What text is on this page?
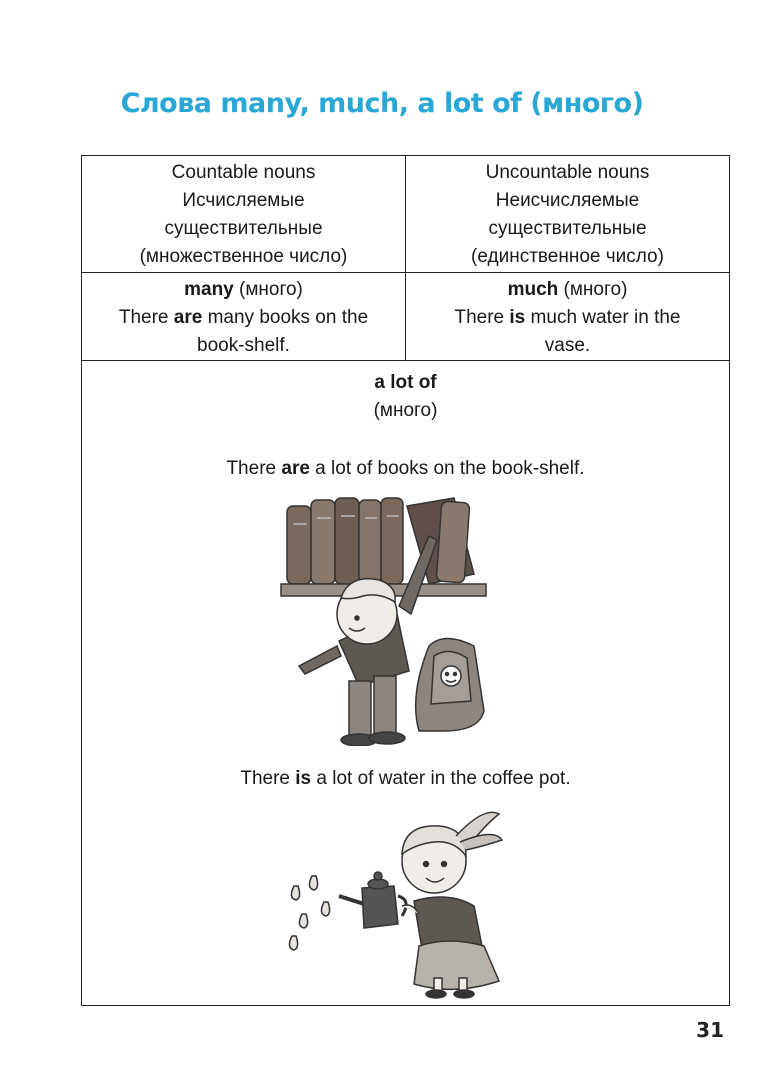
Слова many, much, a lot of (много)
Countable nouns
Исчисляемые
существительные
(множественное число)
Uncountable nouns
Неисчисляемые
существительные
(единственное число)
many (много)
There are many books on the
book-shelf.
much (много)
There is much water in the
vase.
a lot of
(много)
There are a lot of books on the book-shelf.
There is a lot of water in the coffee pot.
31
